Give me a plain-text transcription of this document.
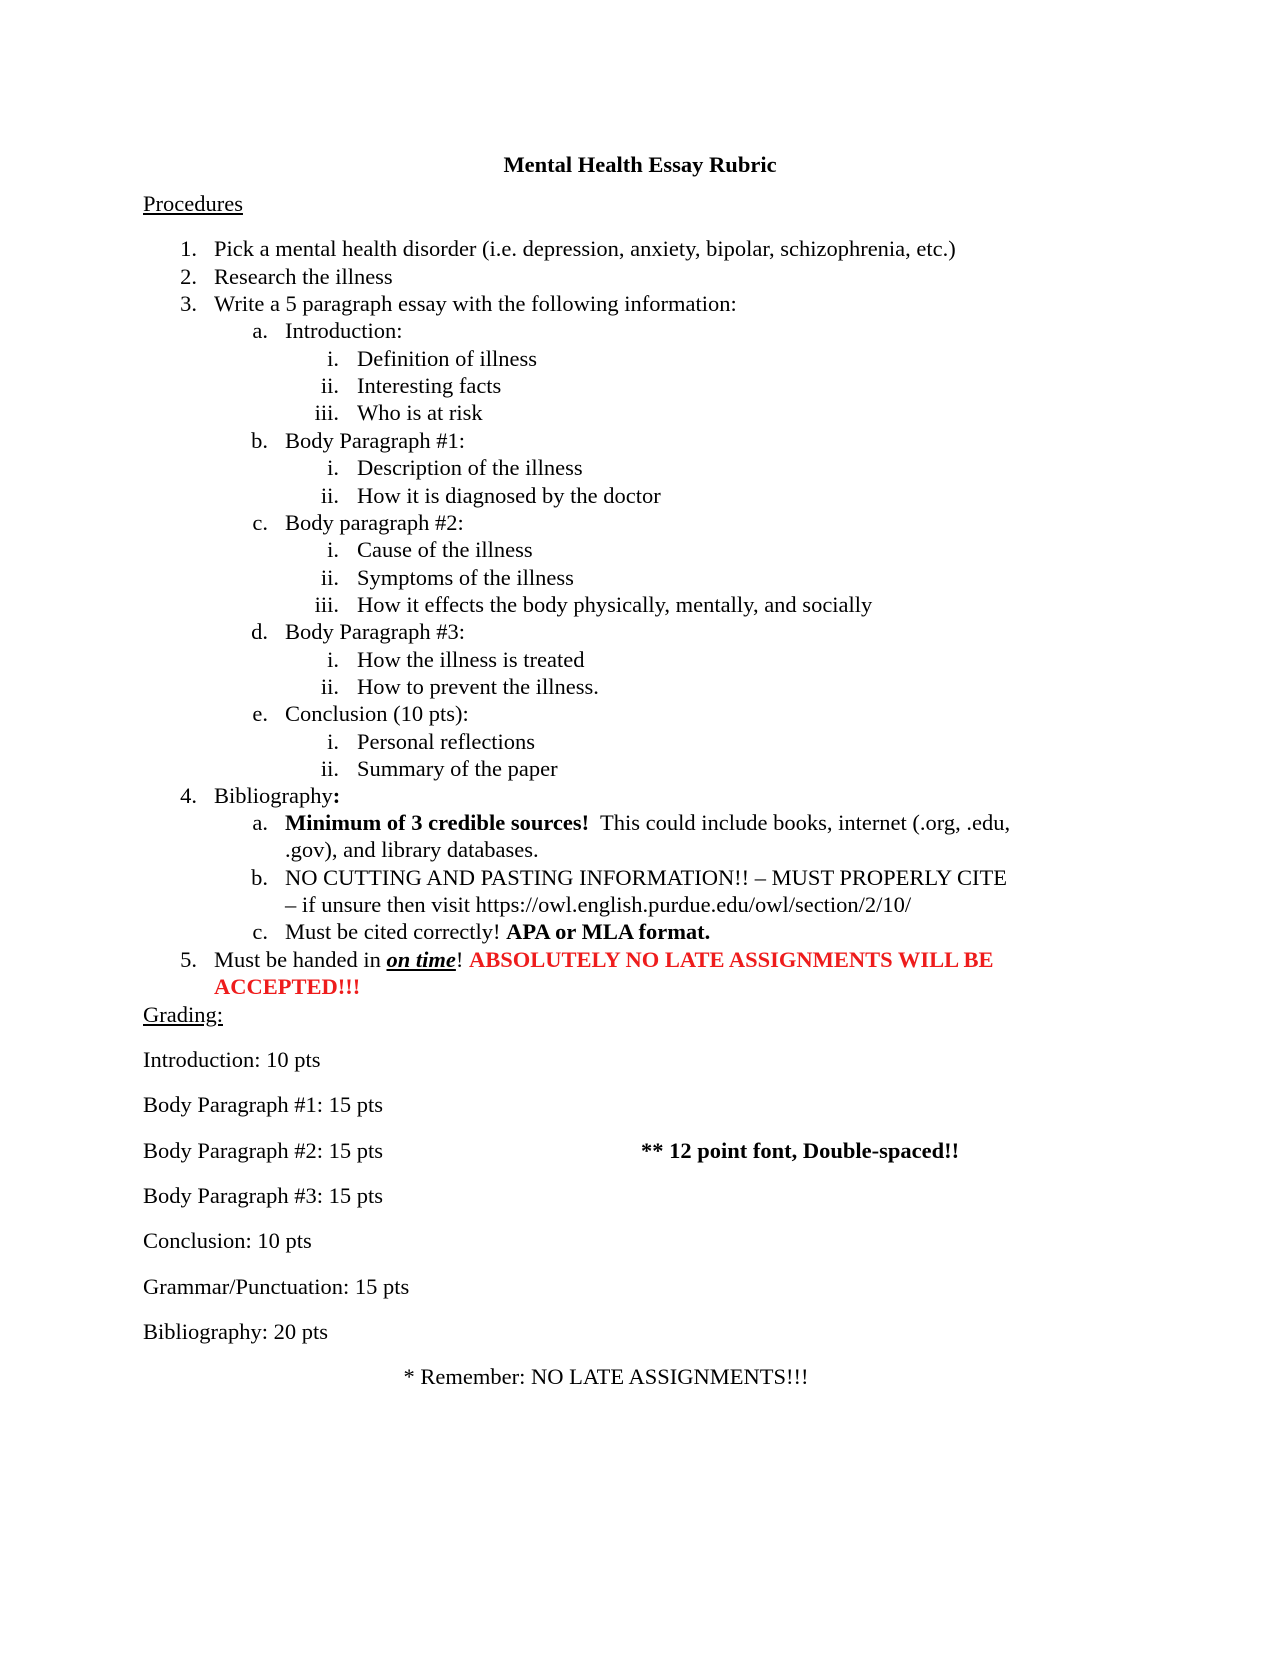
Mental Health Essay Rubric
Procedures
1. Pick a mental health disorder (i.e. depression, anxiety, bipolar, schizophrenia, etc.)
2. Research the illness
3. Write a 5 paragraph essay with the following information:
a. Introduction:
i. Definition of illness
ii. Interesting facts
iii. Who is at risk
b. Body Paragraph #1:
i. Description of the illness
ii. How it is diagnosed by the doctor
c. Body paragraph #2:
i. Cause of the illness
ii. Symptoms of the illness
iii. How it effects the body physically, mentally, and socially
d. Body Paragraph #3:
i. How the illness is treated
ii. How to prevent the illness.
e. Conclusion (10 pts):
i. Personal reflections
ii. Summary of the paper
4. Bibliography:
a. Minimum of 3 credible sources!  This could include books, internet (.org, .edu,
.gov), and library databases.
b. NO CUTTING AND PASTING INFORMATION!! – MUST PROPERLY CITE
– if unsure then visit https://owl.english.purdue.edu/owl/section/2/10/
c. Must be cited correctly! APA or MLA format.
5. Must be handed in on time! ABSOLUTELY NO LATE ASSIGNMENTS WILL BE
ACCEPTED!!!
Grading:
Introduction: 10 pts
Body Paragraph #1: 15 pts
Body Paragraph #2: 15 pts
Body Paragraph #3: 15 pts
Conclusion: 10 pts
Grammar/Punctuation: 15 pts
Bibliography: 20 pts
** 12 point font, Double-spaced!!
* Remember: NO LATE ASSIGNMENTS!!!
